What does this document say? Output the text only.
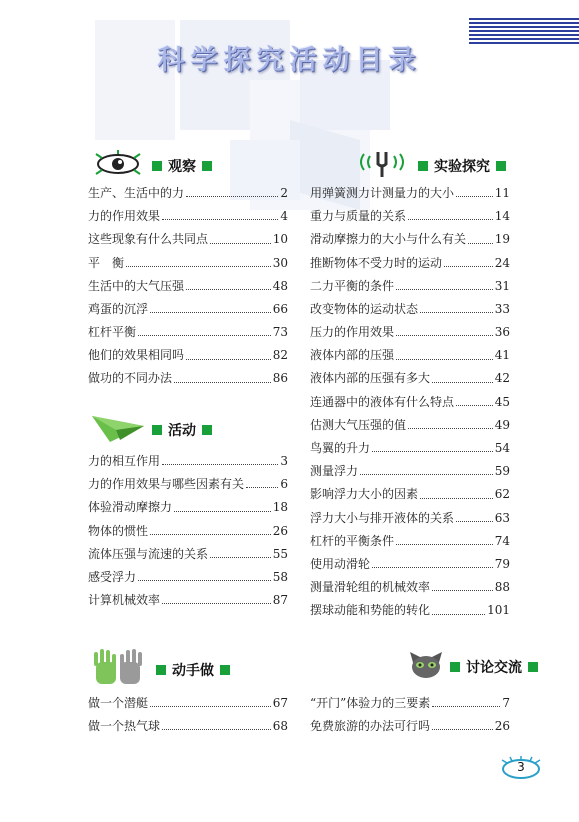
科学探究活动目录
观察
生产、生活中的力	2
力的作用效果	4
这些现象有什么共同点	10
平　衡	30
生活中的大气压强	48
鸡蛋的沉浮	66
杠杆平衡	73
他们的效果相同吗	82
做功的不同办法	86
活动
力的相互作用	3
力的作用效果与哪些因素有关	6
体验滑动摩擦力	18
物体的惯性	26
流体压强与流速的关系	55
感受浮力	58
计算机械效率	87
动手做
做一个潜艇	67
做一个热气球	68
实验探究
用弹簧测力计测量力的大小	11
重力与质量的关系	14
滑动摩擦力的大小与什么有关 19
推断物体不受力时的运动	24
二力平衡的条件	31
改变物体的运动状态	33
压力的作用效果	36
液体内部的压强	41
液体内部的压强有多大	42
连通器中的液体有什么特点	45
估测大气压强的值	49
鸟翼的升力	54
测量浮力	59
影响浮力大小的因素	62
浮力大小与排开液体的关系	63
杠杆的平衡条件	74
使用动滑轮	79
测量滑轮组的机械效率	88
摆球动能和势能的转化	101
讨论交流
“开门”体验力的三要素	7
免费旅游的办法可行吗	26
3
